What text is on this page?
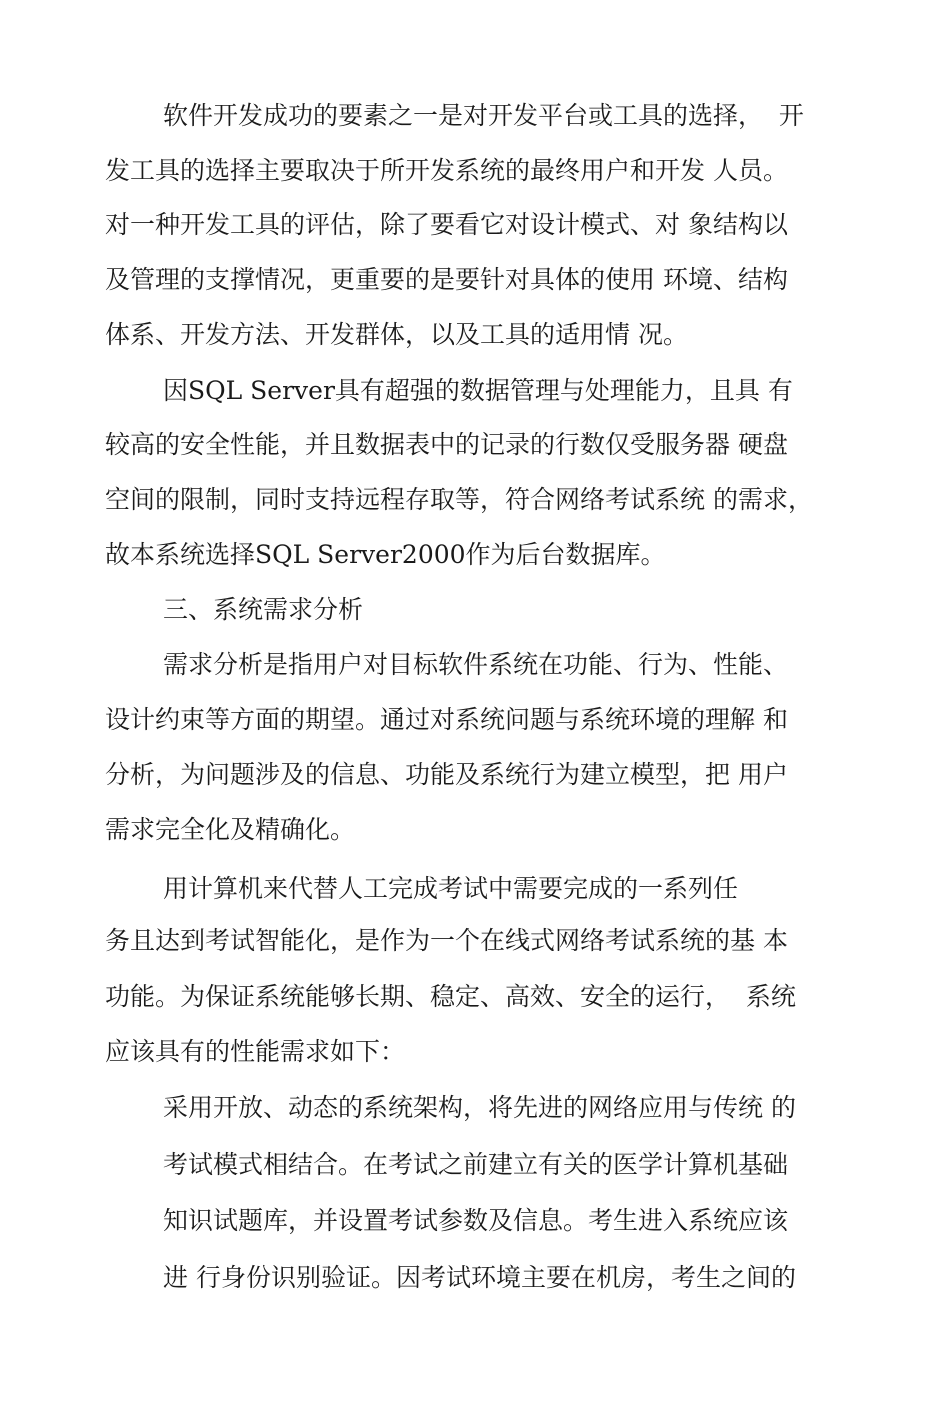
软件开发成功的要素之一是对开发平台或工具的选择，  开
发工具的选择主要取决于所开发系统的最终用户和开发 人员。
对一种开发工具的评估，除了要看它对设计模式、对 象结构以
及管理的支撑情况，更重要的是要针对具体的使用 环境、结构
体系、开发方法、开发群体，以及工具的适用情 况。
因SQL Server具有超强的数据管理与处理能力，且具 有
较高的安全性能，并且数据表中的记录的行数仅受服务器 硬盘
空间的限制，同时支持远程存取等，符合网络考试系统 的需求，
故本系统选择SQL Server2000作为后台数据库。
三、系统需求分析
需求分析是指用户对目标软件系统在功能、行为、性能、
设计约束等方面的期望。通过对系统问题与系统环境的理解 和
分析，为问题涉及的信息、功能及系统行为建立模型，把 用户
需求完全化及精确化。
用计算机来代替人工完成考试中需要完成的一系列任
务且达到考试智能化，是作为一个在线式网络考试系统的基 本
功能。为保证系统能够长期、稳定、高效、安全的运行，  系统
应该具有的性能需求如下：
采用开放、动态的系统架构，将先进的网络应用与传统 的
考试模式相结合。在考试之前建立有关的医学计算机基础
知识试题库，并设置考试参数及信息。考生进入系统应该
进 行身份识别验证。因考试环境主要在机房，考生之间的
